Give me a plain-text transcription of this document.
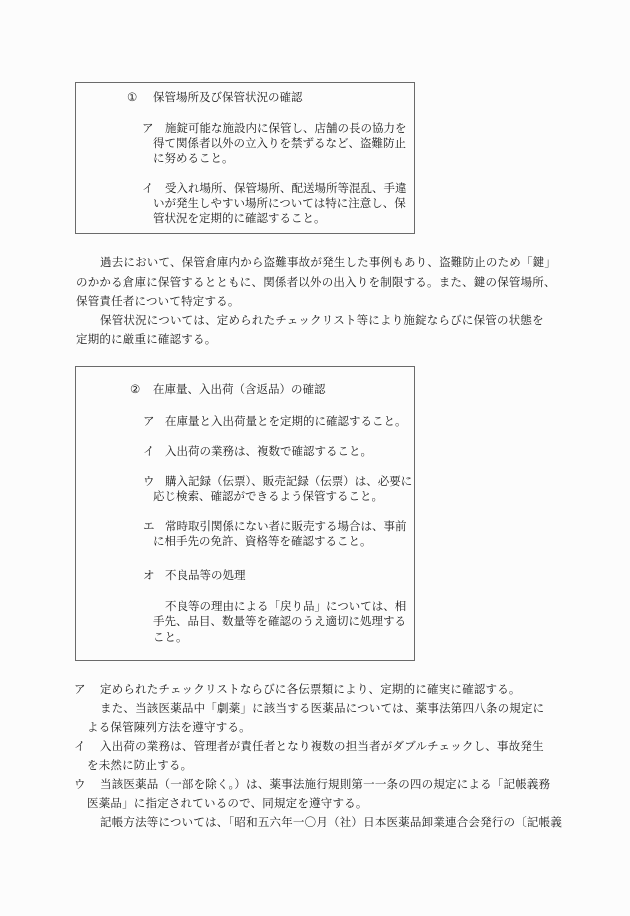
① 保管場所及び保管状況の確認
ア 施錠可能な施設内に保管し、店舗の長の協力を
得て関係者以外の立入りを禁ずるなど、盗難防止
に努めること。
イ 受入れ場所、保管場所、配送場所等混乱、手違
いが発生しやすい場所については特に注意し、保
管状況を定期的に確認すること。
過去において、保管倉庫内から盗難事故が発生した事例もあり、盗難防止のため「鍵」
のかかる倉庫に保管するとともに、関係者以外の出入りを制限する。また、鍵の保管場所、
保管責任者について特定する。
保管状況については、定められたチェックリスト等により施錠ならびに保管の状態を
定期的に厳重に確認する。
② 在庫量、入出荷（含返品）の確認
ア 在庫量と入出荷量とを定期的に確認すること。
イ 入出荷の業務は、複数で確認すること。
ウ 購入記録（伝票）、販売記録（伝票）は、必要に
応じ検索、確認ができるよう保管すること。
エ 常時取引関係にない者に販売する場合は、事前
に相手先の免許、資格等を確認すること。
オ 不良品等の処理
不良等の理由による「戻り品」については、相
手先、品目、数量等を確認のうえ適切に処理する
こと。
ア 定められたチェックリストならびに各伝票類により、定期的に確実に確認する。
また、当該医薬品中「劇薬」に該当する医薬品については、薬事法第四八条の規定に
よる保管陳列方法を遵守する。
イ 入出荷の業務は、管理者が責任者となり複数の担当者がダブルチェックし、事故発生
を未然に防止する。
ウ 当該医薬品（一部を除く。）は、薬事法施行規則第一一条の四の規定による「記帳義務
医薬品」に指定されているので、同規定を遵守する。
記帳方法等については、「昭和五六年一〇月（社）日本医薬品卸業連合会発行の〔記帳義
